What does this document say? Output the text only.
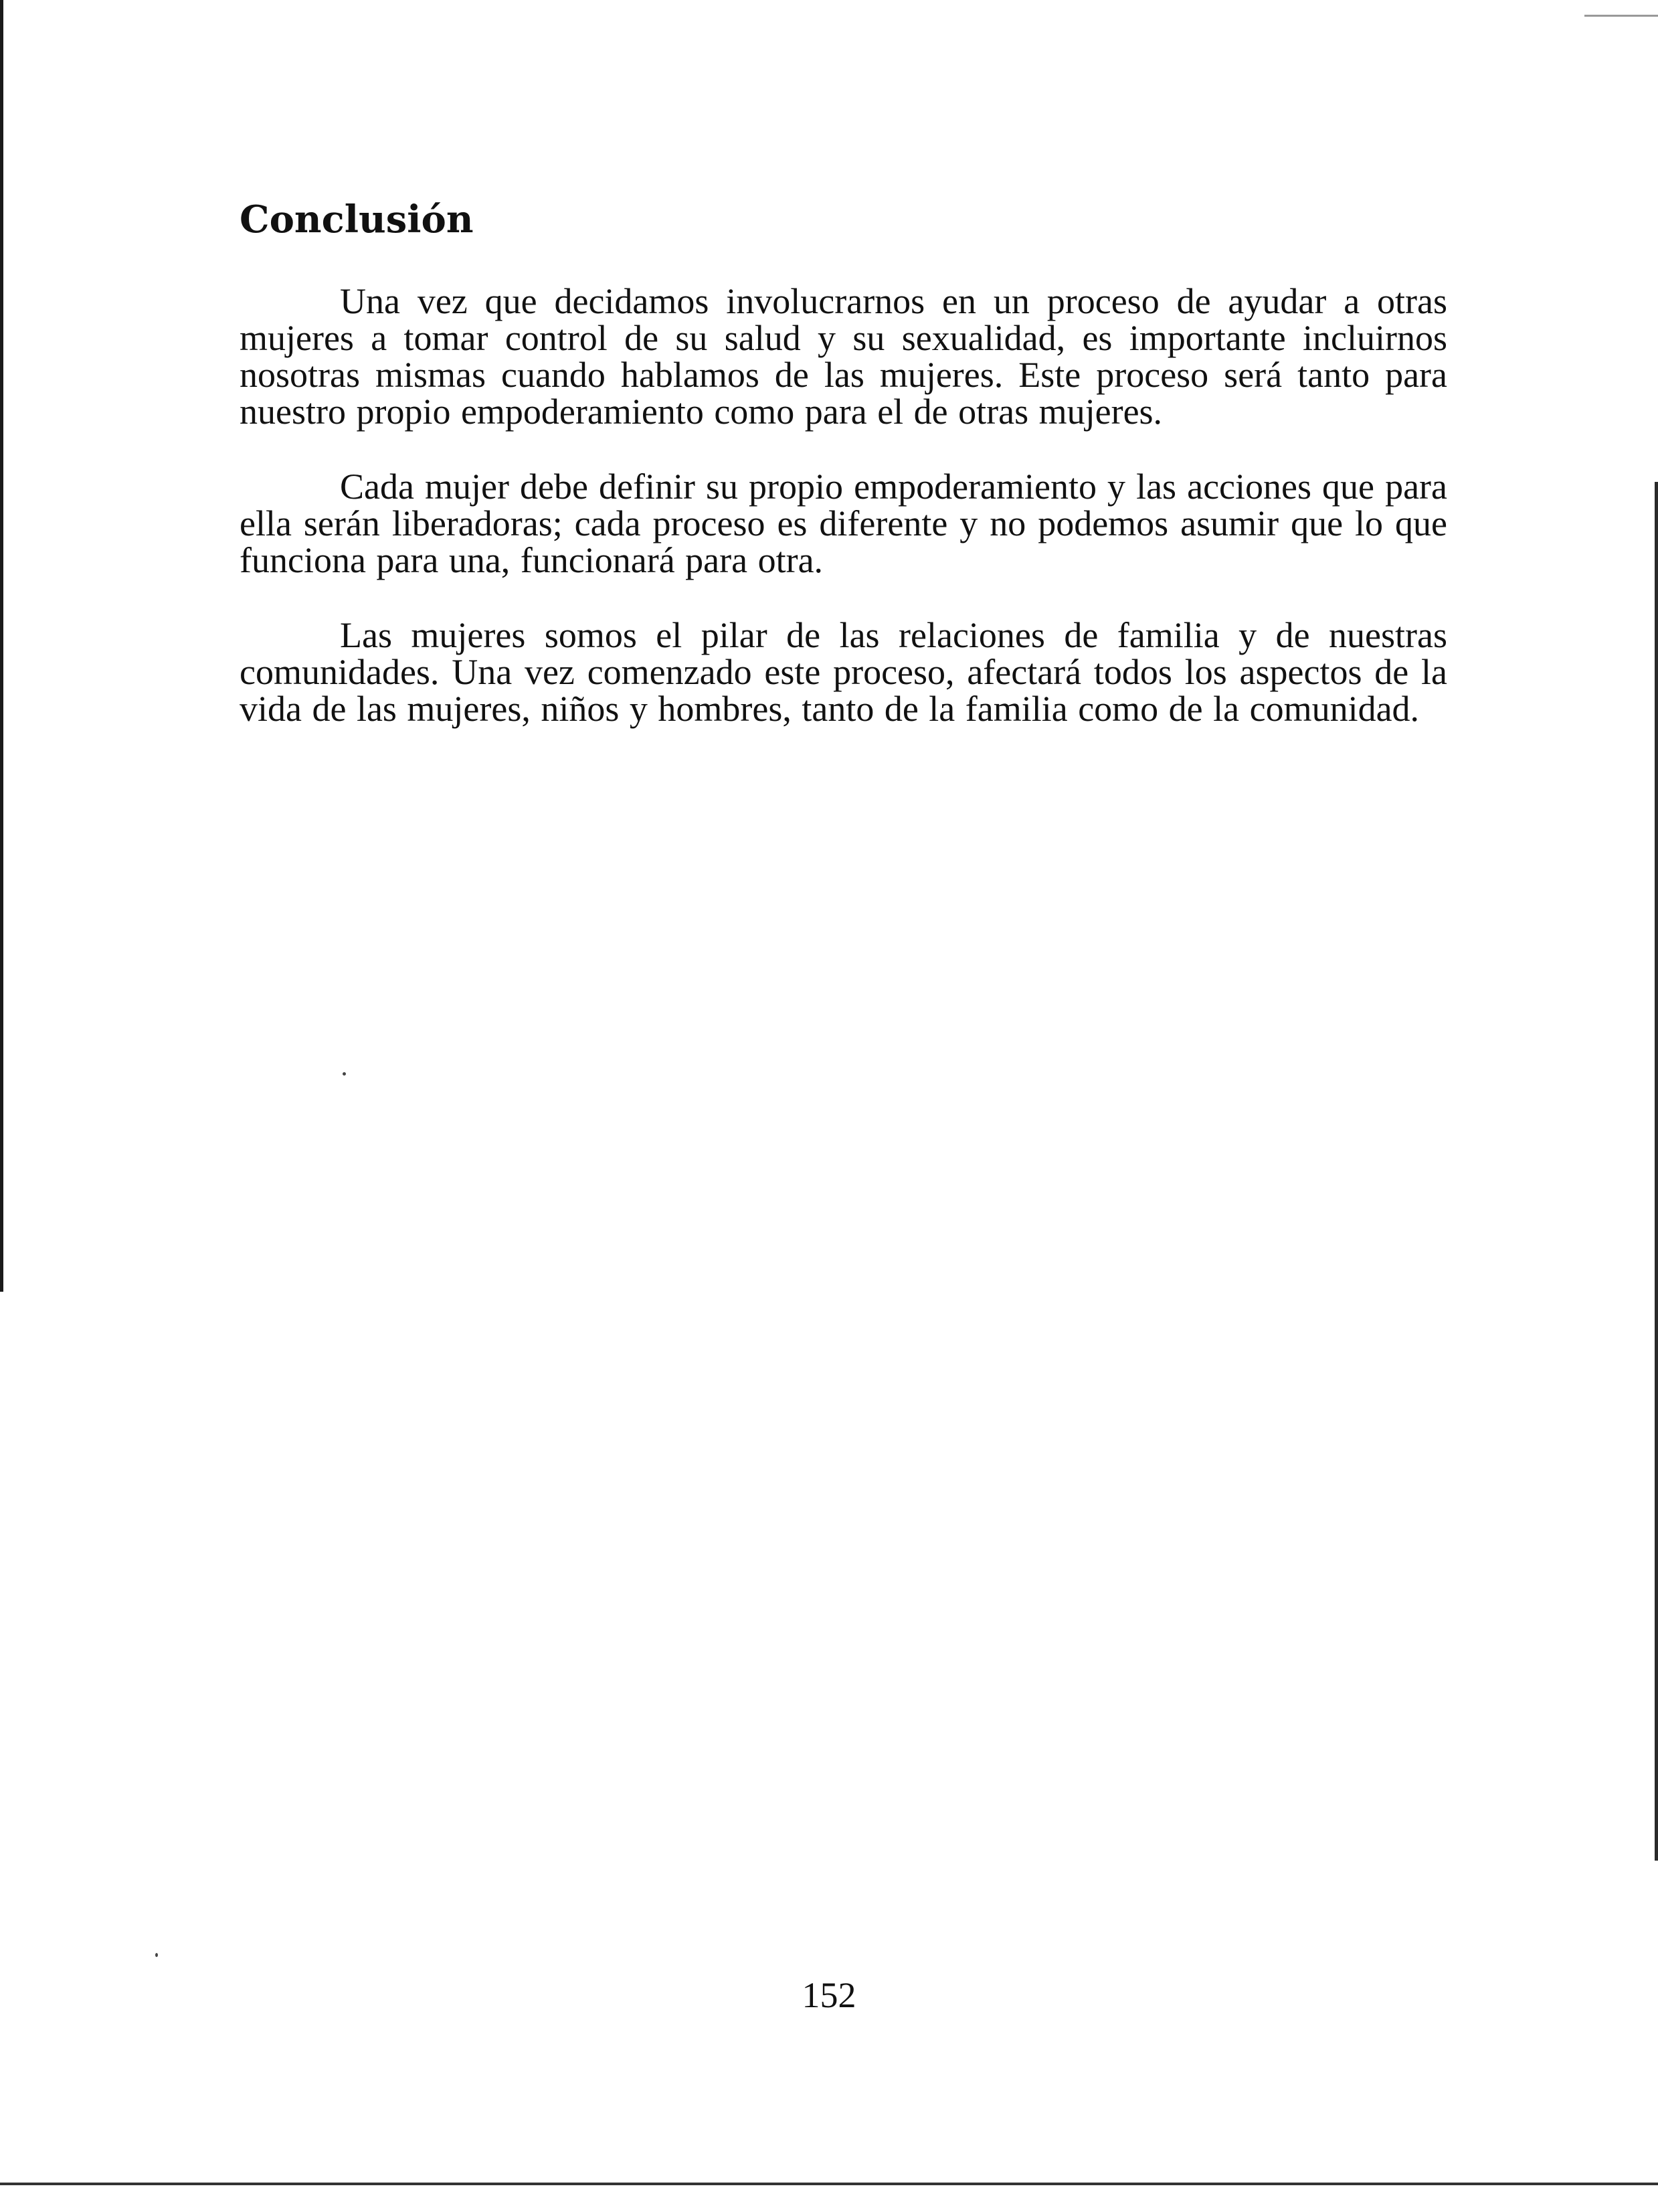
Conclusión

Una vez que decidamos involucrarnos en un proceso de ayudar a otras mujeres a tomar control de su salud y su sexualidad, es importante incluirnos nosotras mismas cuando hablamos de las mujeres. Este proceso será tanto para nuestro propio empoderamiento como para el de otras mujeres.

Cada mujer debe definir su propio empoderamiento y las acciones que para ella serán liberadoras; cada proceso es diferente y no podemos asumir que lo que funciona para una, funcionará para otra.

Las mujeres somos el pilar de las relaciones de familia y de nuestras comunidades. Una vez comenzado este proceso, afectará todos los aspectos de la vida de las mujeres, niños y hombres, tanto de la familia como de la comunidad.

152
